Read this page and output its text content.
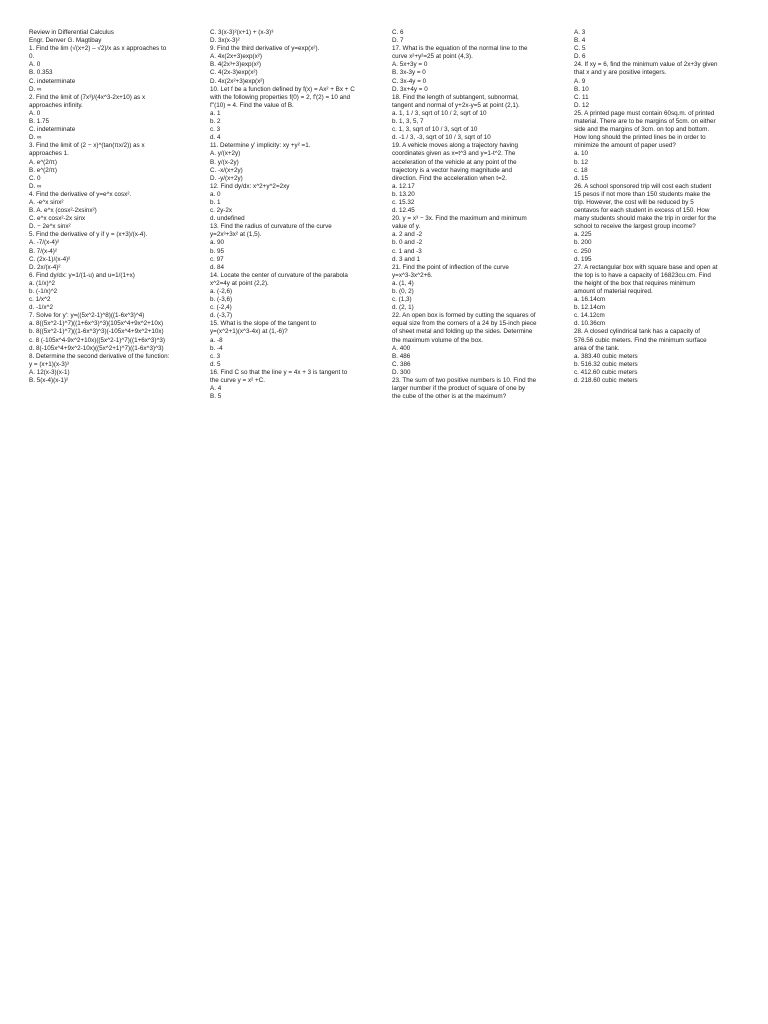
Review in Differential Calculus
Engr. Denver G. Magtibay
1. Find the lim (√(x+2) – √2)/x as x approaches to
0.
A. 0
B. 0.353
C. indeterminate
D. ∞
2. Find the limit of (7x³)/(4x^3-2x+10) as x
approaches infinity.
A. 0
B. 1.75
C. indeterminate
D. ∞
3. Find the limit of (2 − x)^(tan(πx/2)) as x
approaches 1.
A. e^(2/π)
B. e^(2/π)
C. 0
D. ∞
4. Find the derivative of y=e^x cosx².
A. -e^x sinx²
B. A. e^x (cosx²-2xsinx²)
C. e^x cosx²-2x sinx
D. − 2e^x sinx²
5. Find the derivative of y if y = (x+3)/(x-4).
A. -7/(x-4)²
B. 7/(x-4)²
C. (2x-1)/(x-4)²
D. 2x/(x-4)²
6. Find dy/dx: y=1/(1-u) and u=1/(1+x)
a. (1/x)^2
b. (-1/x)^2
c. 1/x^2
d. -1/x^2
7. Solve for y': y=((5x^2-1)^8)((1-6x^3)^4)
a. 8((5x^2-1)^7)((1+6x^3)^3)(105x^4+9x^2+10x)
b. 8((5x^2-1)^7)((1-6x^3)^3)(-105x^4+9x^2+10x)
c. 8 (-105x^4-9x^2+10x)((5x^2-1)^7)((1+6x^3)^3)
d. 8(-105x^4+9x^2-10x)((5x^2+1)^7)((1-6x^3)^3)
8. Determine the second derivative of the function:
y = (x+1)(x-3)³
A. 12(x-3)(x-1)
B. 5(x-4)(x-1)²
C. 3(x-3)²(x+1) + (x-3)³
D. 3x(x-3)²
9. Find the third derivative of y=exp(x²).
A. 4x(2x+3)exp(x²)
B. 4(2x³+3)exp(x²)
C. 4(2x-3)exp(x²)
D. 4x(2x²+3)exp(x²)
10. Let f be a function defined by f(x) = Ax² + Bx + C
with the following properties f(0) = 2, f'(2) = 10 and
f''(10) = 4. Find the value of B.
a. 1
b. 2
c. 3
d. 4
11. Determine y' implicity: xy +y² =1.
A. y/(x+2y)
B. y/(x-2y)
C. -x/(x+2y)
D. -y/(x+2y)
12. Find dy/dx: x^2+y^2=2xy
a. 0
b. 1
c. 2y-2x
d. undefined
13. Find the radius of curvature of the curve
y=2x³+3x² at (1,5).
a. 90
b. 95
c. 97
d. 84
14. Locate the center of curvature of the parabola
x^2=4y at point (2,2).
a. (-2,6)
b. (-3,6)
c. (-2,4)
d. (-3,7)
15. What is the slope of the tangent to
y=(x^2+1)(x^3-4x) at (1,-6)?
a. -8
b. -4
c. 3
d. 5
16. Find C so that the line y = 4x + 3 is tangent to
the curve y = x² +C.
A. 4
B. 5
C. 6
D. 7
17. What is the equation of the normal line to the
curve x²+y²=25 at point (4,3).
A. 5x+3y = 0
B. 3x-3y = 0
C. 3x-4y = 0
D. 3x+4y = 0
18. Find the length of subtangent, subnormal,
tangent and normal of y+2x-y=5 at point (2,1).
a. 1, 1 / 3, sqrt of 10 / 2, sqrt of 10
b. 1, 3, 5, 7
c. 1, 3, sqrt of 10 / 3, sqrt of 10
d. -1 / 3, -3, sqrt of 10 / 3, sqrt of 10
19. A vehicle moves along a trajectory having
coordinates given as x=t^3 and y=1-t^2. The
acceleration of the vehicle at any point of the
trajectory is a vector having magnitude and
direction. Find the acceleration when t=2.
a. 12.17
b. 13.20
c. 15.32
d. 12.45
20. y = x³ − 3x. Find the maximum and minimum
value of y.
a. 2 and -2
b. 0 and -2
c. 1 and -3
d. 3 and 1
21. Find the point of inflection of the curve
y=x^3-3x^2+6.
a. (1, 4)
b. (0, 2)
c. (1,3)
d. (2, 1)
22. An open box is formed by cutting the squares of
equal size from the corners of a 24 by 15-inch piece
of sheet metal and folding up the sides. Determine
the maximum volume of the box.
A. 400
B. 486
C. 386
D. 300
23. The sum of two positive numbers is 10. Find the
larger number if the product of square of one by
the cube of the other is at the maximum?
A. 3
B. 4
C. 5
D. 6
24. If xy = 6, find the minimum value of 2x+3y given
that x and y are positive integers.
A. 9
B. 10
C. 11
D. 12
25. A printed page must contain 60sq.m. of printed
material. There are to be margins of 5cm. on either
side and the margins of 3cm. on top and bottom.
How long should the printed lines be in order to
minimize the amount of paper used?
a. 10
b. 12
c. 18
d. 15
26. A school sponsored trip will cost each student
15 pesos if not more than 150 students make the
trip. However, the cost will be reduced by 5
centavos for each student in excess of 150. How
many students should make the trip in order for the
school to receive the largest group income?
a. 225
b. 200
c. 250
d. 195
27. A rectangular box with square base and open at
the top is to have a capacity of 16823cu.cm. Find
the height of the box that requires minimum
amount of material required.
a. 16.14cm
b. 12.14cm
c. 14.12cm
d. 10.36cm
28. A closed cylindrical tank has a capacity of
576.56 cubic meters. Find the minimum surface
area of the tank.
a. 383.40 cubic meters
b. 516.32 cubic meters
c. 412.60 cubic meters
d. 218.60 cubic meters
